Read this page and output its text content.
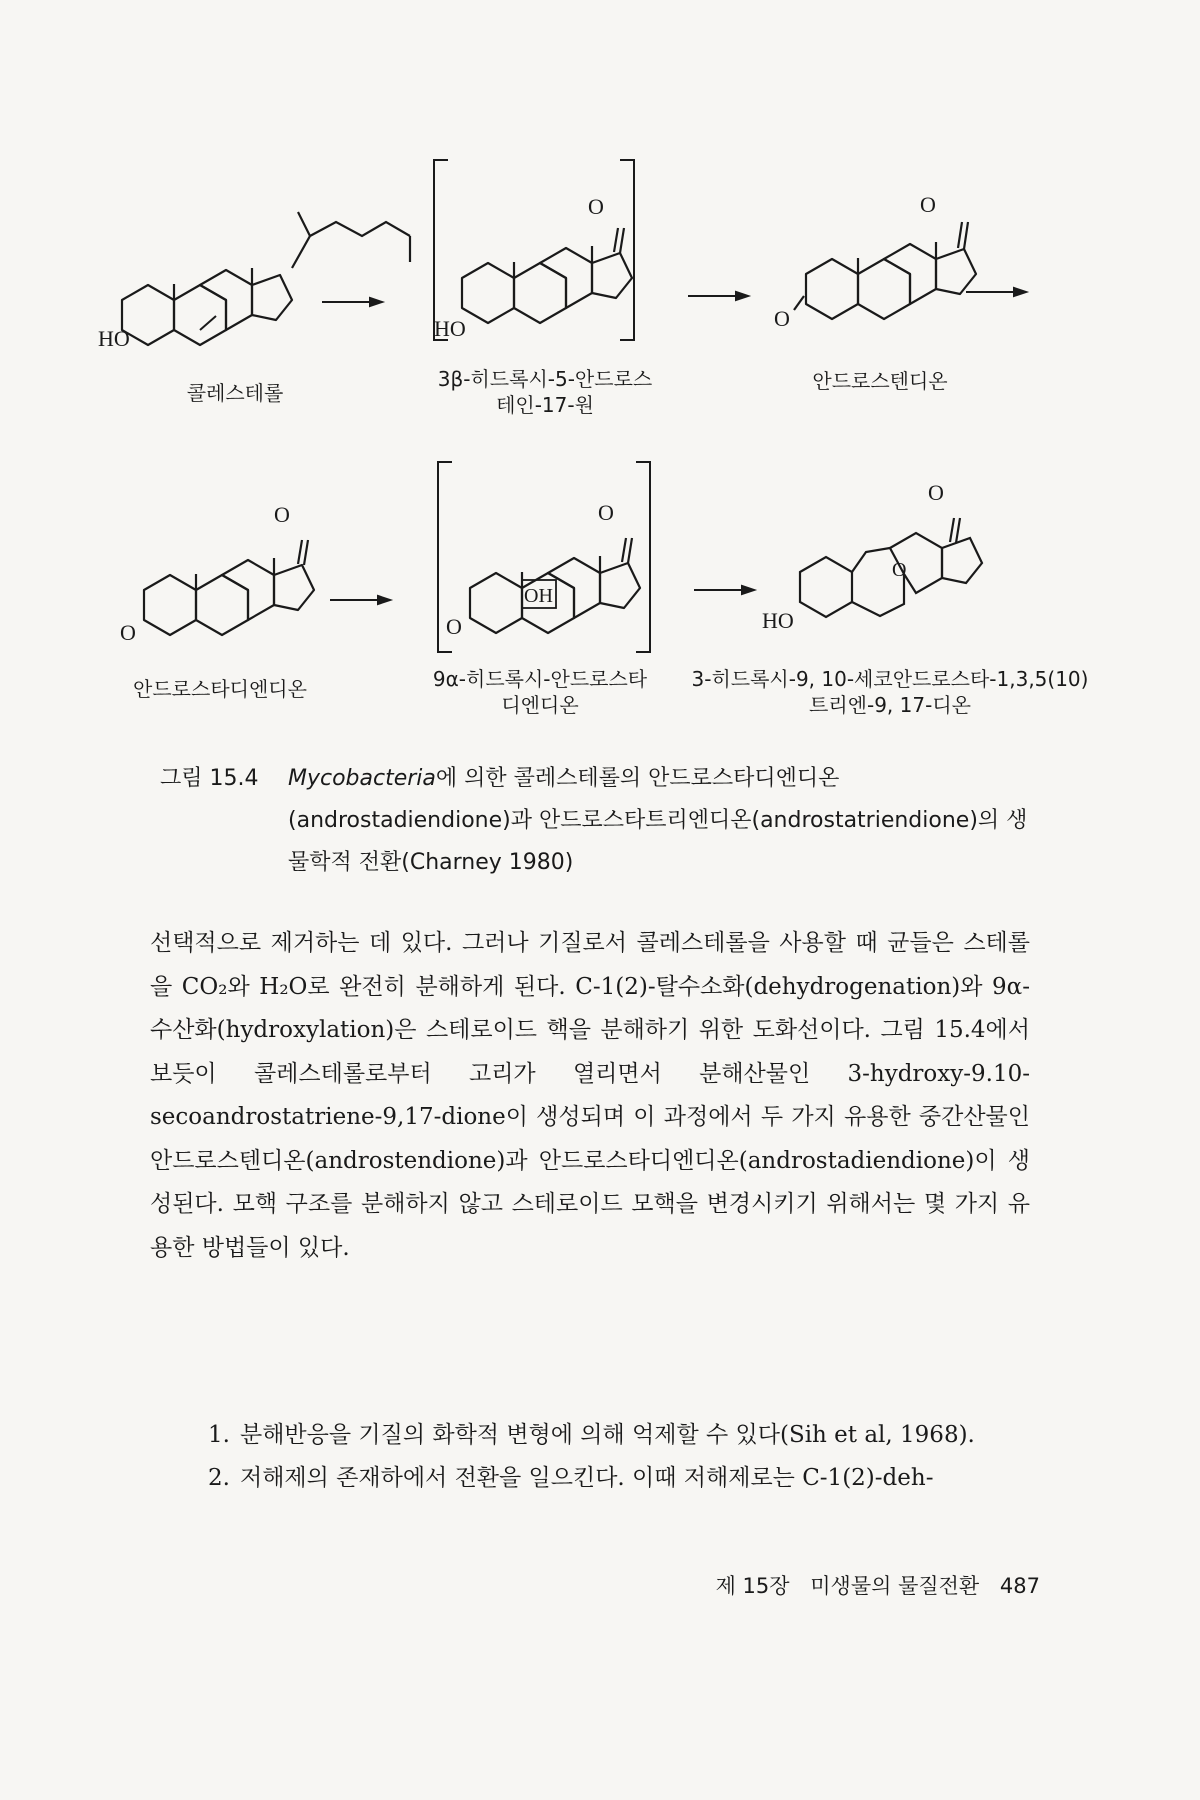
HO
O
HO
O
O
O
O
O
OH
O
O
O
HO
콜레스테롤
3β-히드록시-5-안드로스테인-17-원
안드로스텐디온
안드로스타디엔디온	9α-히드록시-안드로스타디엔디온
3-히드록시-9, 10-세코안드로스타-1,3,5(10)트리엔-9, 17-디온
그림 15.4 Mycobacteria에 의한 콜레스테롤의 안드로스타디엔디온(androstadiendione)과 안드로스타트리엔디온(androstatriendione)의 생물학적 전환(Charney 1980)
선택적으로 제거하는 데 있다. 그러나 기질로서 콜레스테롤을 사용할 때 균들은 스테롤을 CO₂와 H₂O로 완전히 분해하게 된다. C-1(2)-탈수소화(dehydrogenation)와 9α-수산화(hydroxylation)은 스테로이드 핵을 분해하기 위한 도화선이다. 그림 15.4에서 보듯이 콜레스테롤로부터 고리가 열리면서 분해산물인 3-hydroxy-9.10-secoandrostatriene-9,17-dione이 생성되며 이 과정에서 두 가지 유용한 중간산물인 안드로스텐디온(androstendione)과 안드로스타디엔디온(androstadiendione)이 생성된다. 모핵 구조를 분해하지 않고 스테로이드 모핵을 변경시키기 위해서는 몇 가지 유용한 방법들이 있다.
1. 분해반응을 기질의 화학적 변형에 의해 억제할 수 있다(Sih et al, 1968).
2. 저해제의 존재하에서 전환을 일으킨다. 이때 저해제로는 C-1(2)-deh-
제 15장 미생물의 물질전환 487
